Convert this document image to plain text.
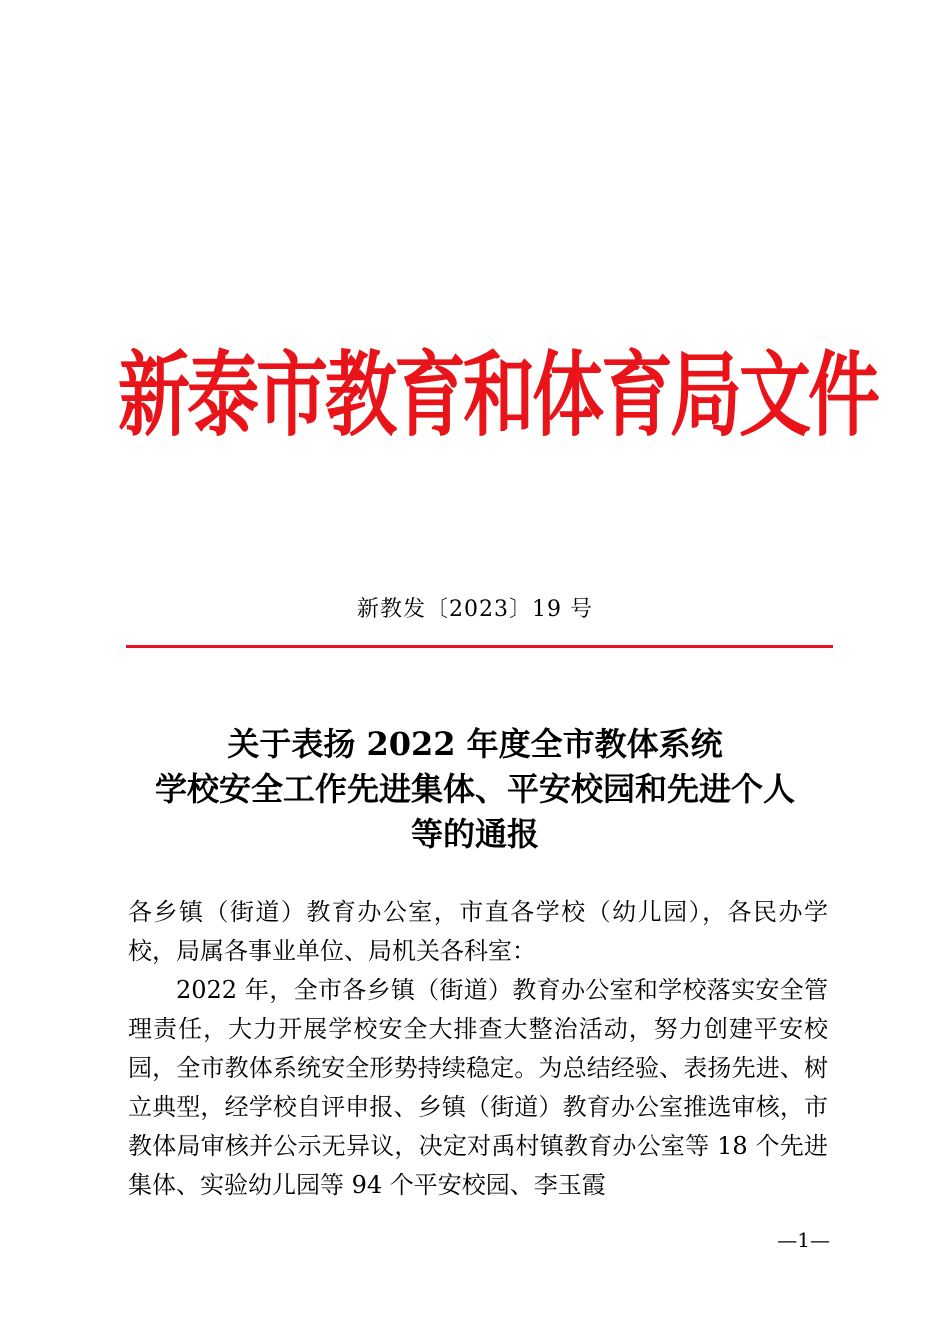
新泰市教育和体育局文件
新教发〔2023〕19 号
关于表扬 2022 年度全市教体系统
学校安全工作先进集体、平安校园和先进个人
等的通报

各乡镇（街道）教育办公室，市直各学校（幼儿园），各民办学校，局属各事业单位、局机关各科室：

2022 年，全市各乡镇（街道）教育办公室和学校落实安全管理责任，大力开展学校安全大排查大整治活动，努力创建平安校园，全市教体系统安全形势持续稳定。为总结经验、表扬先进、树立典型，经学校自评申报、乡镇（街道）教育办公室推选审核，市教体局审核并公示无异议，决定对禹村镇教育办公室等 18 个先进集体、实验幼儿园等 94 个平安校园、李玉霞

—1—
